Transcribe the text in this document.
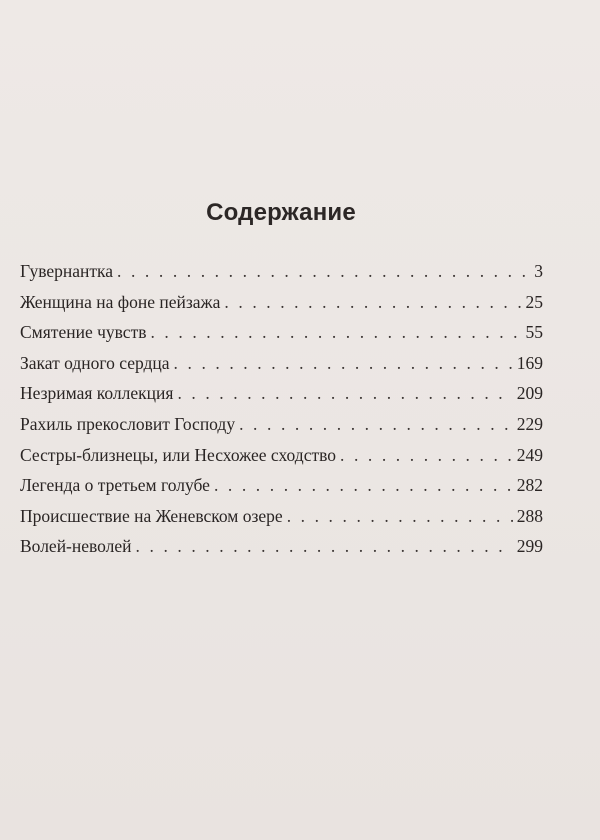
Содержание
Гувернантка . . .	3
Женщина на фоне пейзажа . . .	25
Смятение чувств . . .	55
Закат одного сердца . . .	169
Незримая коллекция . . .	209
Рахиль прекословит Господу . . .	229
Сестры-близнецы, или Несхожее сходство . . .	249
Легенда о третьем голубе . . .	282
Происшествие на Женевском озере . . .	288
Волей-неволей . . .	299
